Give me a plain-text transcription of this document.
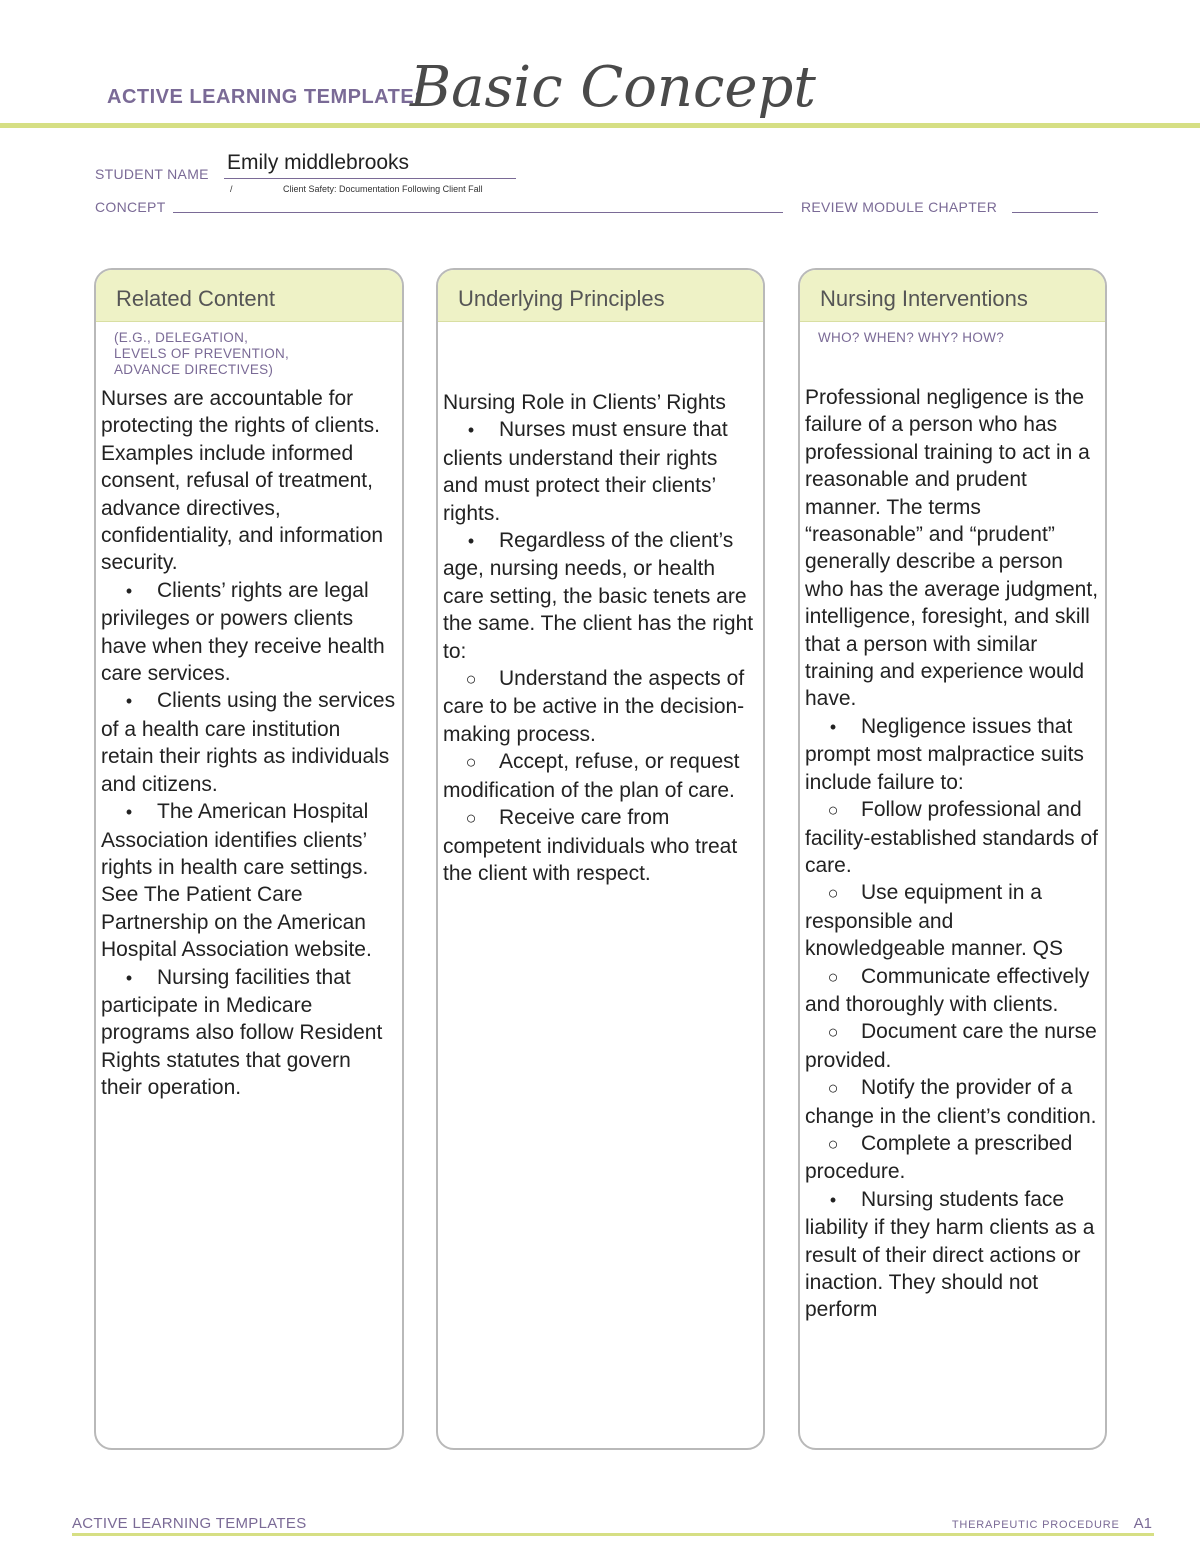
ACTIVE LEARNING TEMPLATE:
Basic Concept
STUDENT NAME Emily middlebrooks
CONCEPT
/	Client Safety: Documentation Following Client Fall
REVIEW MODULE CHAPTER
Related Content
(E.G., DELEGATION,
LEVELS OF PREVENTION,
ADVANCE DIRECTIVES)

Nurses are accountable for protecting the rights of clients. Examples include informed consent, refusal of treatment, advance directives, confidentiality, and information security.

• Clients’ rights are legal privileges or powers clients have when they receive health care services.

• Clients using the services of a health care institution retain their rights as individuals and citizens.

• The American Hospital Association identifies clients’ rights in health care settings. See The Patient Care Partnership on the American Hospital Association website.

• Nursing facilities that participate in Medicare programs also follow Resident Rights statutes that govern their operation.

Underlying Principles

Nursing Role in Clients’ Rights

• Nurses must ensure that clients understand their rights and must protect their clients’ rights.

• Regardless of the client’s age, nursing needs, or health care setting, the basic tenets are the same. The client has the right to:

○ Understand the aspects of care to be active in the decision-making process.

○ Accept, refuse, or request modification of the plan of care.

○ Receive care from competent individuals who treat the client with respect.

Nursing Interventions
WHO? WHEN? WHY? HOW?

Professional negligence is the failure of a person who has professional training to act in a reasonable and prudent manner. The terms “reasonable” and “prudent” generally describe a person who has the average judgment, intelligence, foresight, and skill that a person with similar training and experience would have.

• Negligence issues that prompt most malpractice suits include failure to:

○ Follow professional and facility-established standards of care.

○ Use equipment in a responsible and knowledgeable manner. QS

○ Communicate effectively and thoroughly with clients.

○ Document care the nurse provided.

○ Notify the provider of a change in the client’s condition.

○ Complete a prescribed procedure.

• Nursing students face liability if they harm clients as a result of their direct actions or inaction. They should not perform

ACTIVE LEARNING TEMPLATES	THERAPEUTIC PROCEDURE A1
